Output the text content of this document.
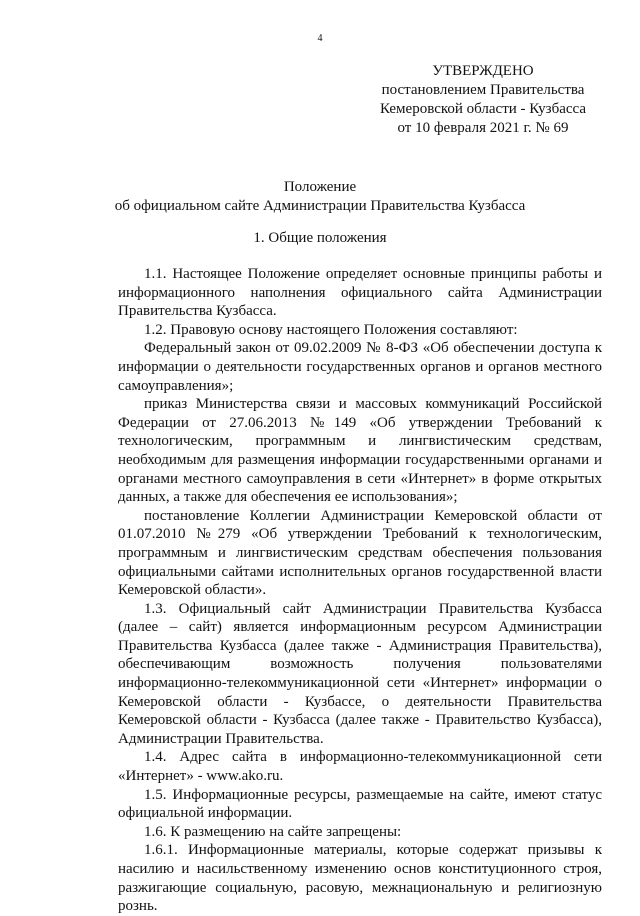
4
УТВЕРЖДЕНО
постановлением Правительства
Кемеровской области - Кузбасса
от 10 февраля 2021 г. № 69
Положение
об официальном сайте Администрации Правительства Кузбасса
1. Общие положения

1.1. Настоящее Положение определяет основные принципы работы и информационного наполнения официального сайта Администрации Правительства Кузбасса.

1.2. Правовую основу настоящего Положения составляют:

Федеральный закон от 09.02.2009 № 8-ФЗ «Об обеспечении доступа к информации о деятельности государственных органов и органов местного самоуправления»;

приказ Министерства связи и массовых коммуникаций Российской Федерации от 27.06.2013 №149 «Об утверждении Требований к технологическим, программным и лингвистическим средствам, необходимым для размещения информации государственными органами и органами местного самоуправления в сети «Интернет» в форме открытых данных, а также для обеспечения ее использования»;

постановление Коллегии Администрации Кемеровской области от 01.07.2010 №279 «Об утверждении Требований к технологическим, программным и лингвистическим средствам обеспечения пользования официальными сайтами исполнительных органов государственной власти Кемеровской области».

1.3. Официальный сайт Администрации Правительства Кузбасса (далее – сайт) является информационным ресурсом Администрации Правительства Кузбасса (далее также - Администрация Правительства), обеспечивающим возможность получения пользователями информационно-телекоммуникационной сети «Интернет» информации о Кемеровской области - Кузбассе, о деятельности Правительства Кемеровской области - Кузбасса (далее также - Правительство Кузбасса), Администрации Правительства.

1.4. Адрес сайта в информационно-телекоммуникационной сети «Интернет» - www.ako.ru.

1.5. Информационные ресурсы, размещаемые на сайте, имеют статус официальной информации.

1.6. К размещению на сайте запрещены:

1.6.1. Информационные материалы, которые содержат призывы к насилию и насильственному изменению основ конституционного строя, разжигающие социальную, расовую, межнациональную и религиозную рознь.
